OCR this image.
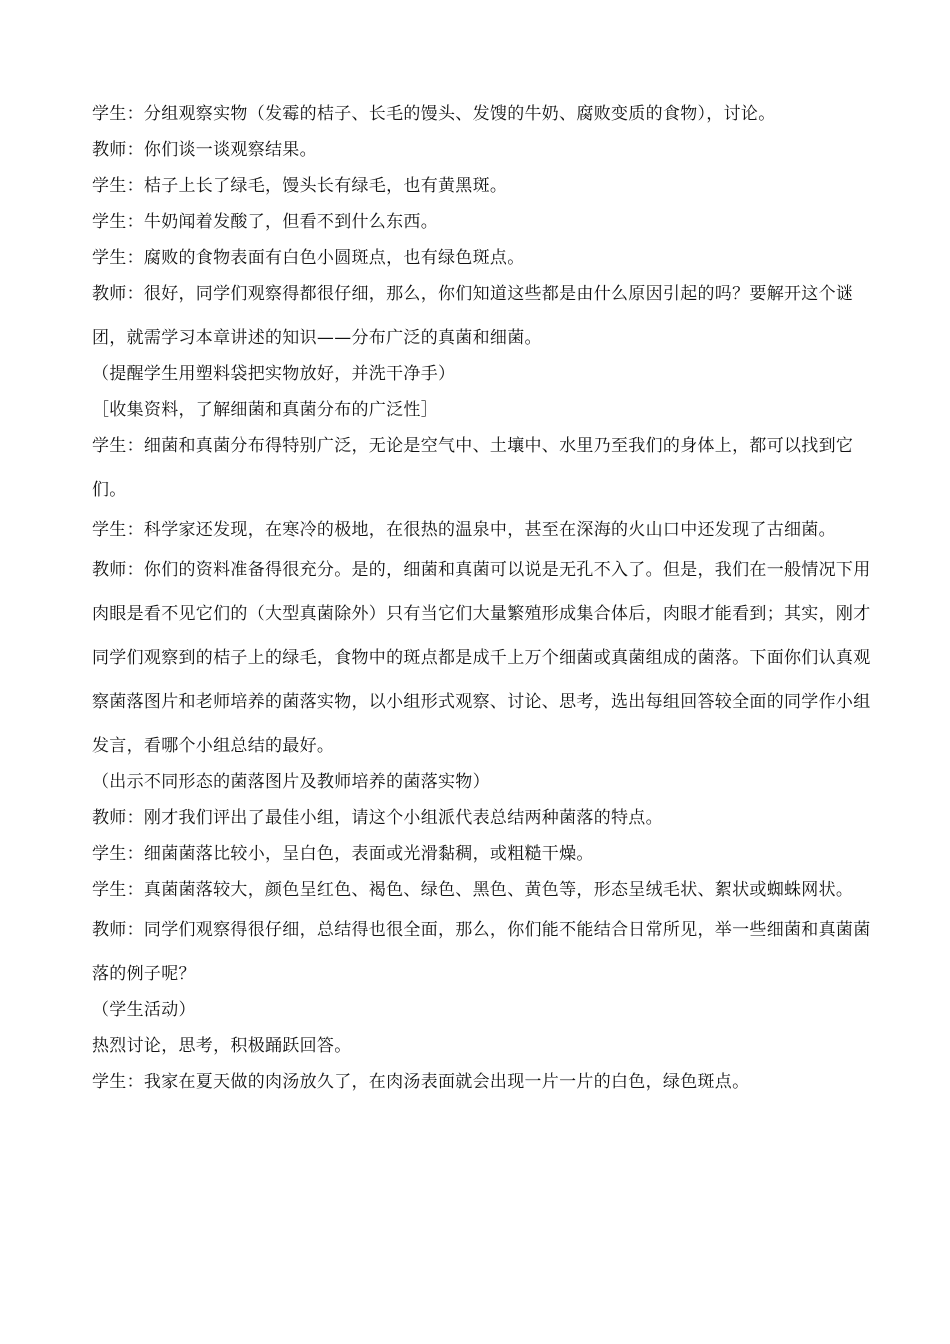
学生：分组观察实物（发霉的桔子、长毛的馒头、发馊的牛奶、腐败变质的食物），讨论。

教师：你们谈一谈观察结果。

学生：桔子上长了绿毛，馒头长有绿毛，也有黄黑斑。

学生：牛奶闻着发酸了，但看不到什么东西。

学生：腐败的食物表面有白色小圆斑点，也有绿色斑点。

教师：很好，同学们观察得都很仔细，那么，你们知道这些都是由什么原因引起的吗？要解开这个谜团，就需学习本章讲述的知识——分布广泛的真菌和细菌。

（提醒学生用塑料袋把实物放好，并洗干净手）

［收集资料，了解细菌和真菌分布的广泛性］

学生：细菌和真菌分布得特别广泛，无论是空气中、土壤中、水里乃至我们的身体上，都可以找到它们。

学生：科学家还发现，在寒冷的极地，在很热的温泉中，甚至在深海的火山口中还发现了古细菌。

教师：你们的资料准备得很充分。是的，细菌和真菌可以说是无孔不入了。但是，我们在一般情况下用肉眼是看不见它们的（大型真菌除外）只有当它们大量繁殖形成集合体后，肉眼才能看到；其实，刚才同学们观察到的桔子上的绿毛，食物中的斑点都是成千上万个细菌或真菌组成的菌落。下面你们认真观察菌落图片和老师培养的菌落实物，以小组形式观察、讨论、思考，选出每组回答较全面的同学作小组发言，看哪个小组总结的最好。

（出示不同形态的菌落图片及教师培养的菌落实物）

教师：刚才我们评出了最佳小组，请这个小组派代表总结两种菌落的特点。

学生：细菌菌落比较小，呈白色，表面或光滑黏稠，或粗糙干燥。

学生：真菌菌落较大，颜色呈红色、褐色、绿色、黑色、黄色等，形态呈绒毛状、絮状或蜘蛛网状。

教师：同学们观察得很仔细，总结得也很全面，那么，你们能不能结合日常所见，举一些细菌和真菌菌落的例子呢？

（学生活动）

热烈讨论，思考，积极踊跃回答。

学生：我家在夏天做的肉汤放久了，在肉汤表面就会出现一片一片的白色，绿色斑点。
